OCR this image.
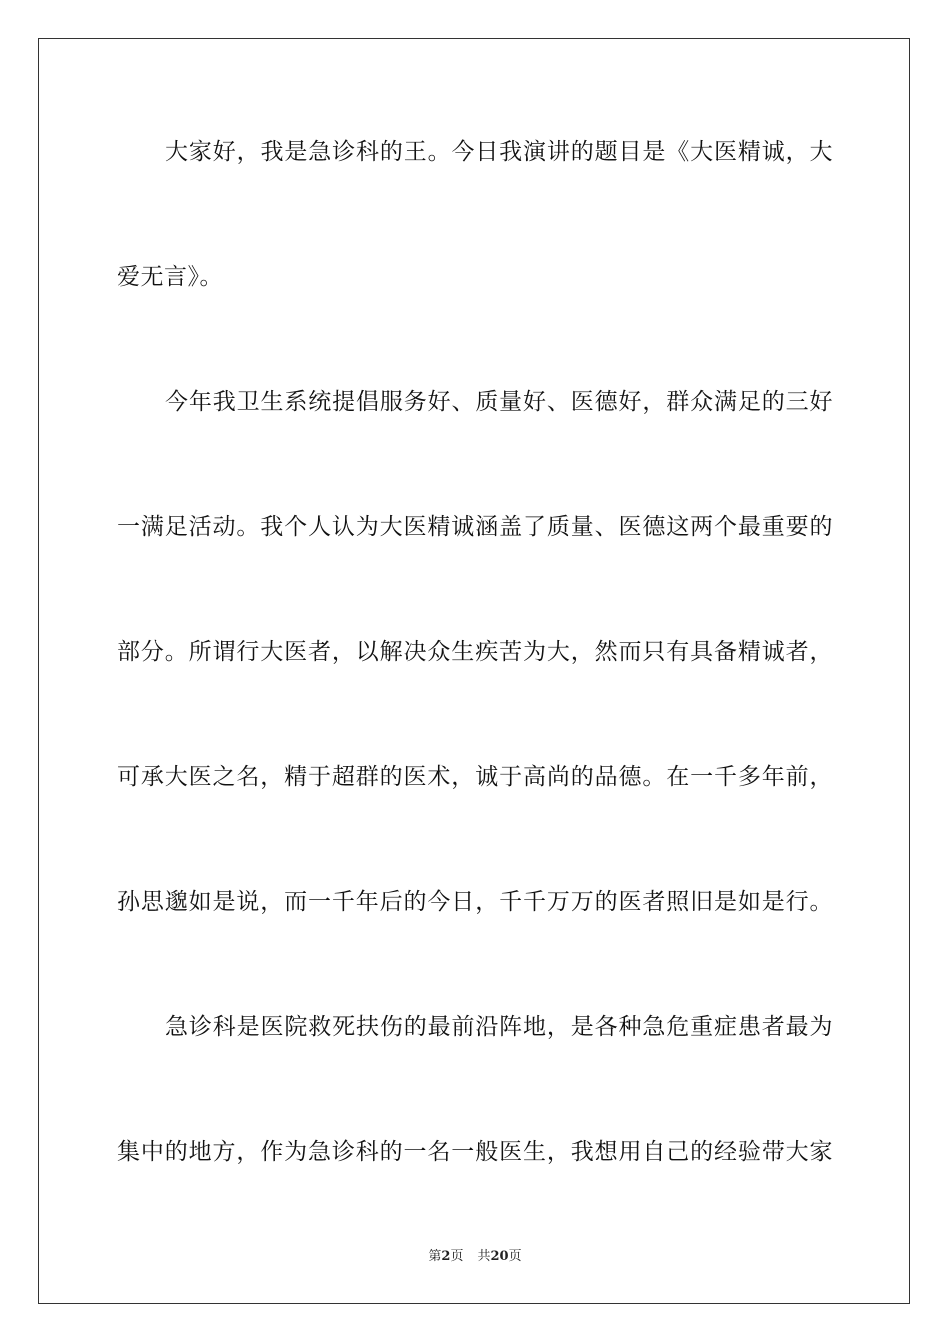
大家好，我是急诊科的王。今日我演讲的题目是《大医精诚，大
爱无言》。
今年我卫生系统提倡服务好、质量好、医德好，群众满足的三好
一满足活动。我个人认为大医精诚涵盖了质量、医德这两个最重要的
部分。所谓行大医者，以解决众生疾苦为大，然而只有具备精诚者，
可承大医之名，精于超群的医术，诚于高尚的品德。在一千多年前，
孙思邈如是说，而一千年后的今日，千千万万的医者照旧是如是行。
急诊科是医院救死扶伤的最前沿阵地，是各种急危重症患者最为
集中的地方，作为急诊科的一名一般医生，我想用自己的经验带大家
第2页 共20页
